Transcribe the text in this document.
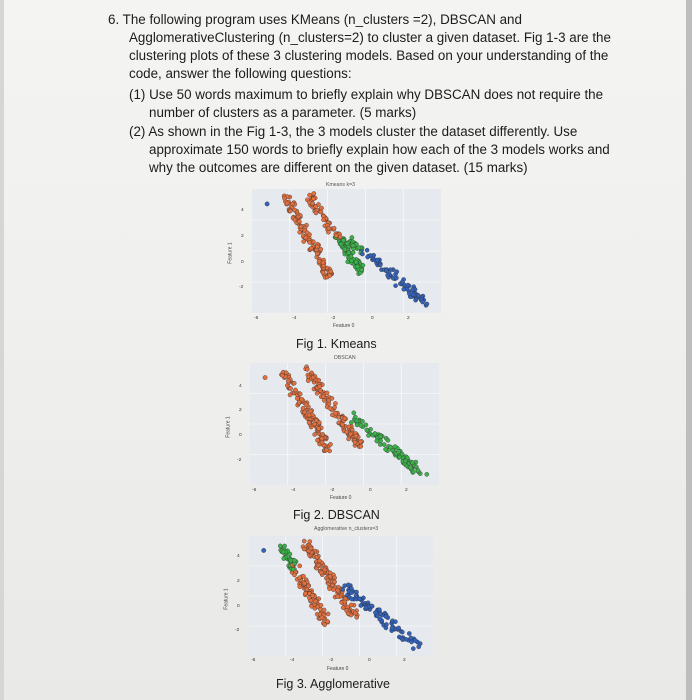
6. The following program uses KMeans (n_clusters =2), DBSCAN and
AgglomerativeClustering (n_clusters=2) to cluster a given dataset. Fig 1-3 are the
clustering plots of these 3 clustering models. Based on your understanding of the
code, answer the following questions:
(1) Use 50 words maximum to briefly explain why DBSCAN does not require the
number of clusters as a parameter. (5 marks)
(2) As shown in the Fig 1-3, the 3 models cluster the dataset differently. Use
approximate 150 words to briefly explain how each of the 3 models works and
why the outcomes are different on the given dataset. (15 marks)
Kmeans k=3
4
2
0
-2
Feature 1
-6	-4	-2	0	2
Feature 0
Fig 1. Kmeans
DBSCAN
4
2
0
-2
Feature 1
-6	-4	-2	0	2
Feature 0
Fig 2. DBSCAN
Agglomerative n_clusters=3
4
2
0
-2
Feature 1
-6	-4	-2	0	2
Feature 0
Fig 3. Agglomerative
